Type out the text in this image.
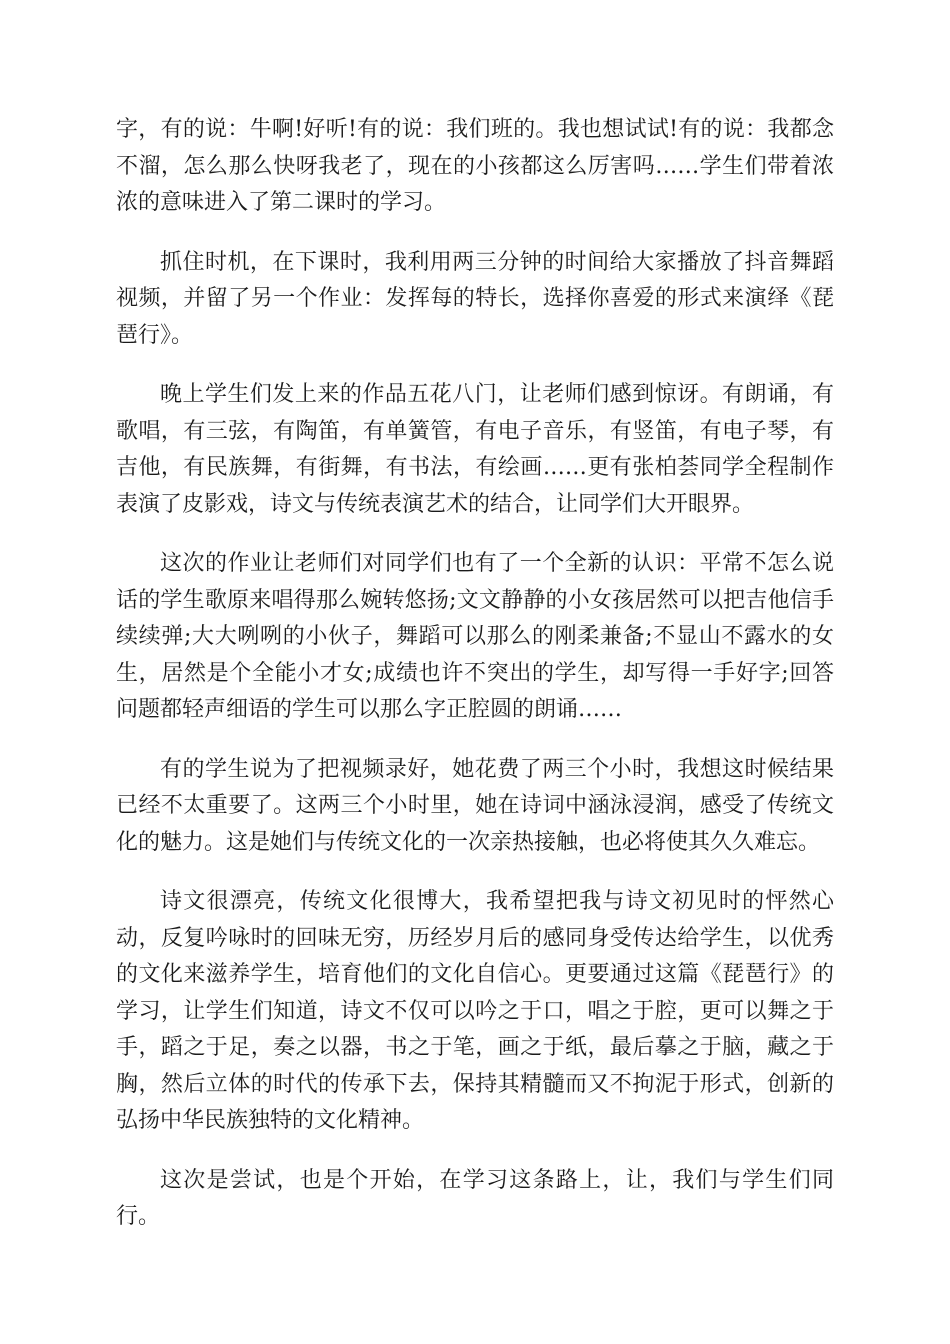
字，有的说：牛啊!好听!有的说：我们班的。我也想试试!有的说：我都念不溜，怎么那么快呀我老了，现在的小孩都这么厉害吗……学生们带着浓浓的意味进入了第二课时的学习。

抓住时机，在下课时，我利用两三分钟的时间给大家播放了抖音舞蹈视频，并留了另一个作业：发挥每的特长，选择你喜爱的形式来演绎《琵琶行》。

晚上学生们发上来的作品五花八门，让老师们感到惊讶。有朗诵，有歌唱，有三弦，有陶笛，有单簧管，有电子音乐，有竖笛，有电子琴，有吉他，有民族舞，有街舞，有书法，有绘画……更有张柏荟同学全程制作表演了皮影戏，诗文与传统表演艺术的结合，让同学们大开眼界。

这次的作业让老师们对同学们也有了一个全新的认识：平常不怎么说话的学生歌原来唱得那么婉转悠扬;文文静静的小女孩居然可以把吉他信手续续弹;大大咧咧的小伙子，舞蹈可以那么的刚柔兼备;不显山不露水的女生，居然是个全能小才女;成绩也许不突出的学生，却写得一手好字;回答问题都轻声细语的学生可以那么字正腔圆的朗诵……

有的学生说为了把视频录好，她花费了两三个小时，我想这时候结果已经不太重要了。这两三个小时里，她在诗词中涵泳浸润，感受了传统文化的魅力。这是她们与传统文化的一次亲热接触，也必将使其久久难忘。

诗文很漂亮，传统文化很博大，我希望把我与诗文初见时的怦然心动，反复吟咏时的回味无穷，历经岁月后的感同身受传达给学生，以优秀的文化来滋养学生，培育他们的文化自信心。更要通过这篇《琵琶行》的学习，让学生们知道，诗文不仅可以吟之于口，唱之于腔，更可以舞之于手，蹈之于足，奏之以器，书之于笔，画之于纸，最后摹之于脑，藏之于胸，然后立体的时代的传承下去，保持其精髓而又不拘泥于形式，创新的弘扬中华民族独特的文化精神。

这次是尝试，也是个开始，在学习这条路上，让，我们与学生们同行。
